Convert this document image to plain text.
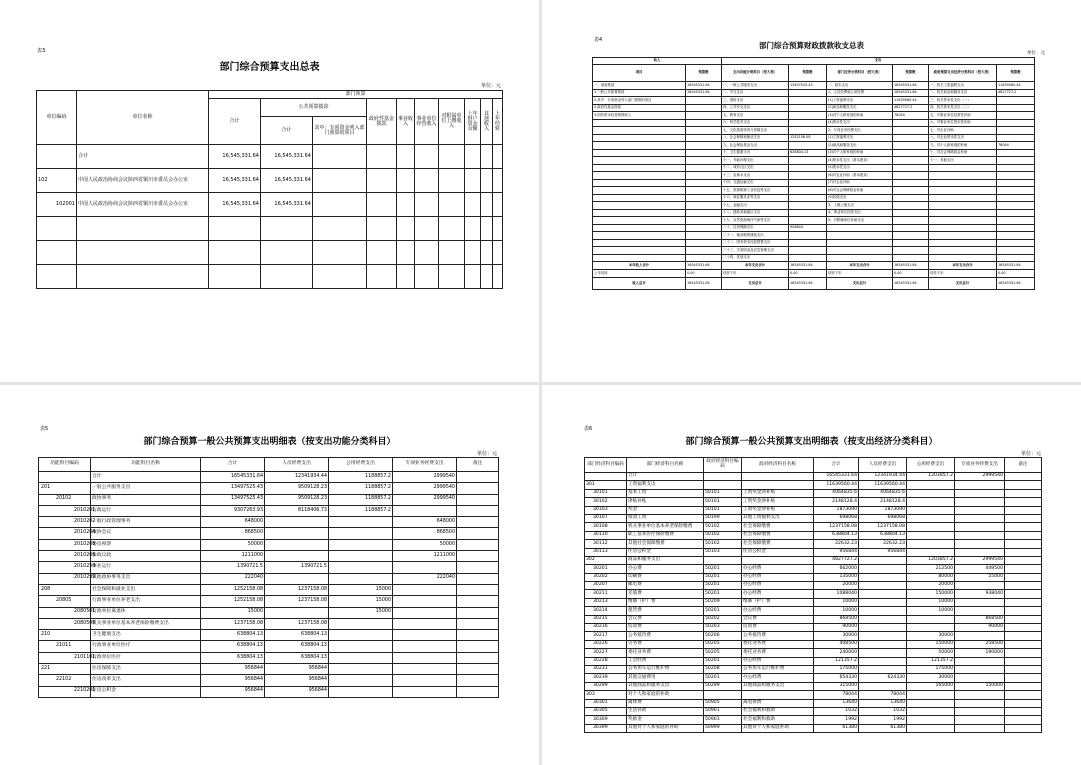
表3
部门综合预算支出总表
单位：元
单位编码	单位名称	部门预算									
		合计	公共预算拨款		政府性基金拨款	事业收入	事业单位经营收入	对附属单位上缴收入	上年财户资金余额	其他收入	上年结转
			合计	其中：专项资金列入部门预算的项目							
	合计	16,545,331.64	16,545,331.64								
102	中国人民政治协商会议陕西省铜川市委员会办公室	16,545,331.64	16,545,331.64								
102001	中国人民政治协商会议陕西省铜川市委员会办公室	16,545,331.64	16,545,331.64								

表4
部门综合预算财政拨款收支总表
单位：元
收入		支出					
项目	预算数	支出功能分类科目（按大类）	预算数	部门经济分类科目（按大类）	预算数	政府预算支出经济分类科目（按大类）	预算数
一、财政拨款	16545331.64	一、一般公共服务支出	13497525.43	一、基本支出	16545331.64	一、机关工资福利支出	11639560.44
1.一般公共预算拨款	16545331.64	二、外交支出		1、人员经费和公用经费	16545331.64	二、机关商品和服务支出	4827727.2
2.其中：专项资金列入部门预算的项目		三、国防支出		(1)工资福利支出	11639560.44	三、机关资本性支出（一）	
2.政府性基金拨款		四、公共安全支出		(2)商品和服务支出	4827727.2	四、机关资本性支出（二）	
3.国有资本经营预算收入		五、教育支出		(3)对个人和家庭的补助	78044	五、对事业单位经常性补助	
		六、科学技术支出		(4)资本性支出		六、对事业单位资本性补助	
		七、文化旅游体育与传媒支出		2、专项业务经费支出		七、对企业补助	
		八、社会保障和就业支出	1252158.08	(1)工资福利支出		八、对企业资本性支出	
		九、社会保险基金支出		(2)商品和服务支出		九、对个人和家庭的补助	78044
		十、卫生健康支出	638804.13	(3)对个人和家庭的补助		十、对社会保障基金补助	
		十一、节能环保支出		(4)资本性支出（基本建设）		十一、其他支出	
		十二、城乡社区支出		(5)资本性支出			
		十三、农林水支出		(6)对企业补助（基本建设）			
		十四、交通运输支出		(7)对企业补助			
		十五、资源勘探工业信息等支出		(8)对社会保障基金补助			
		十六、商业服务业等支出		(9)其他支出			
		十七、金融支出		3、上缴上级支出			
		十八、援助其他地区支出		4、事业单位经营支出			
		十九、自然资源海洋气象等支出		5、对附属单位补助支出			
		二十、住房保障支出	956844				
		二十一、粮油物资储备支出					
		二十二、国有资本经营预算支出					
		二十三、灾害防治及应急管理支出					
		二十四、其他支出					
本年收入合计	16545331.64	本年支出合计	16545331.64	本年支出合计	16545331.64	本年支出合计	16545331.64
上年结转	0.00	结转下年	0.00	结转下年	0.00	结转下年	0.00
收入总计	16545331.64	支出总计	16545331.64	支出总计	16545331.64	支出总计	16545331.64
表5
部门综合预算一般公共预算支出明细表（按支出功能分类科目）
单位：元
功能科目编码	功能科目名称	合计	人员经费支出	公用经费支出	专项业务经费支出	备注
	合计	16545331.64	12341934.44	1188857.2	2999540	
201	一般公共服务支出	13497525.43	9509128.23	1188857.2	2999540	
20102	政协事务	13497525.43	9509128.23	1188857.2	2999540	
2010201	行政运行	9307263.93	8118406.73	1188857.2		
2010202	一般行政管理事务	648000			648000	
2010204	政协会议	868500			868500	
2010205	委员视察	50000			50000	
2010206	参政议政	1211000			1211000	
2010250	事业运行	1390721.5	1390721.5			
2010299	其他政协事务支出	222040			222040	
208	社会保障和就业支出	1252158.08	1237158.08	15000		
20805	行政事业单位养老支出	1252158.08	1237158.08	15000		
2080501	行政单位离退休	15000		15000		
2080505	机关事业单位基本养老保险缴费支出	1237158.08	1237158.08			
210	卫生健康支出	638804.13	638804.13			
21011	行政事业单位医疗	638804.13	638804.13			
2101101	行政单位医疗	638804.13	638804.13			
221	住房保障支出	956844	956844			
22102	住房改革支出	956844	956844			
2210201	住房公积金	956844	956844			
表6
部门综合预算一般公共预算支出明细表（按支出经济分类科目）
单位：元
部门经济科目编码	部门经济科目名称	政府经济科目编码	政府经济科目名称	合计	人员经费支出	公用经费支出	专项业务经费支出	备注
	合计			16545331.64	12341934.44	1203857.2	2999540	
301	工资福利支出			11639560.44	11639560.44			
30101	基本工资	50101	工资奖金津补贴	4064835.6	4064835.6			
30102	津贴补贴	50101	工资奖金津补贴	2148128.4	2148128.4			
30103	奖金	50101	工资奖金津补贴	1873090	1873090			
30107	绩效工资	50199	其他工资福利支出	698068	698068			
30108	机关事业单位基本养老保险缴费	50102	社会保障缴费	1237158.08	1237158.08			
30110	职工基本医疗保险缴费	50102	社会保障缴费	638804.13	638804.13			
30112	其他社会保障缴费	50102	社会保障缴费	22632.23	22632.23			
30113	住房公积金	50103	住房公积金	956844	956844			
302	商品和服务支出			4827727.2		1203857.2	2999540	
30201	办公费	50201	办公经费	662000		212500	449500	
30202	印刷费	50201	办公经费	135000		80000	55000	
30207	邮电费	50201	办公经费	20000		20000		
30211	差旅费	50201	办公经费	1088040		150000	938040	
30213	维修（护）费	50209	维修（护）费	10000		10000		
30214	租赁费	50201	办公经费	10000		10000		
30215	会议费	50202	会议费	868500			868500	
30216	培训费	50203	培训费	90000			90000	
30217	公务接待费	50206	公务接待费	30000		30000		
30226	劳务费	50205	委托业务费	408500		150000	258500	
30227	委托业务费	50205	委托业务费	240000		50000	190000	
30228	工会经费	50201	办公经费	121357.2		121357.2		
30231	公务用车运行维护费	50208	公务用车运行维护费	175000		175000		
30239	其他交通费用	50201	办公经费	654330	624330	30000		
30299	其他商品和服务支出	50299	其他商品和服务支出	315000		165000	150000	
303	对个人和家庭的补助			78044	78044			
30301	离休费	50905	离退休费	13640	13640			
30305	生活补助	50901	社会福利和救助	1032	1032			
30309	奖励金	50901	社会福利和救助	1992	1992			
30399	其他对个人和家庭的补助	50999	其他对个人和家庭补助	61380	61380			
